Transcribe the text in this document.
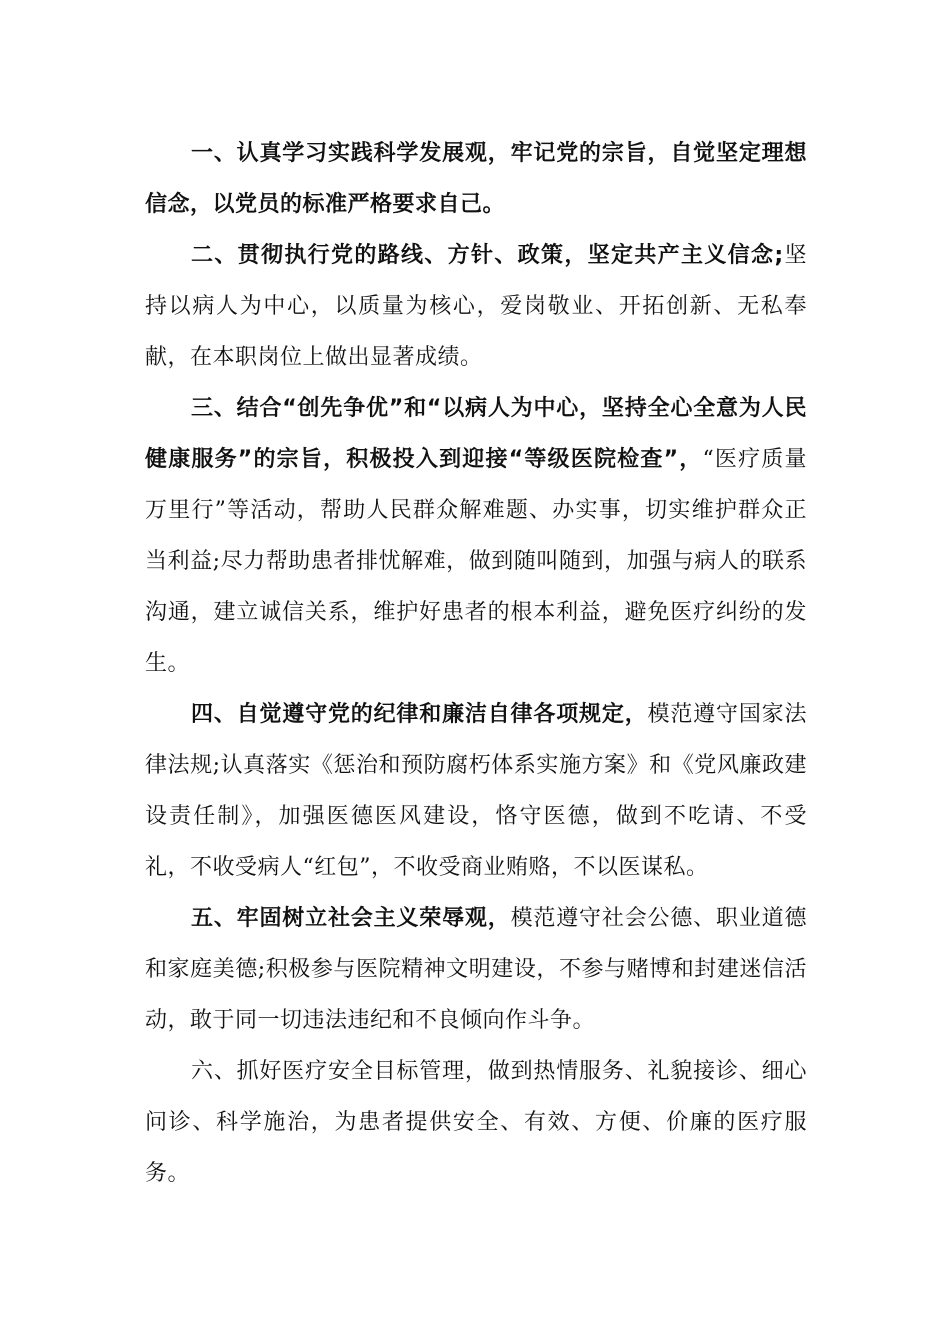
一、认真学习实践科学发展观，牢记党的宗旨，自觉坚定理想信念，以党员的标准严格要求自己。

二、贯彻执行党的路线、方针、政策，坚定共产主义信念;坚持以病人为中心，以质量为核心，爱岗敬业、开拓创新、无私奉献，在本职岗位上做出显著成绩。

三、结合“创先争优”和“以病人为中心，坚持全心全意为人民健康服务”的宗旨，积极投入到迎接“等级医院检查”，“医疗质量万里行”等活动，帮助人民群众解难题、办实事，切实维护群众正当利益;尽力帮助患者排忧解难，做到随叫随到，加强与病人的联系沟通，建立诚信关系，维护好患者的根本利益，避免医疗纠纷的发生。

四、自觉遵守党的纪律和廉洁自律各项规定，模范遵守国家法律法规;认真落实《惩治和预防腐朽体系实施方案》和《党风廉政建设责任制》，加强医德医风建设，恪守医德，做到不吃请、不受礼，不收受病人“红包”，不收受商业贿赂，不以医谋私。

五、牢固树立社会主义荣辱观，模范遵守社会公德、职业道德和家庭美德;积极参与医院精神文明建设，不参与赌博和封建迷信活动，敢于同一切违法违纪和不良倾向作斗争。

六、抓好医疗安全目标管理，做到热情服务、礼貌接诊、细心问诊、科学施治，为患者提供安全、有效、方便、价廉的医疗服务。
